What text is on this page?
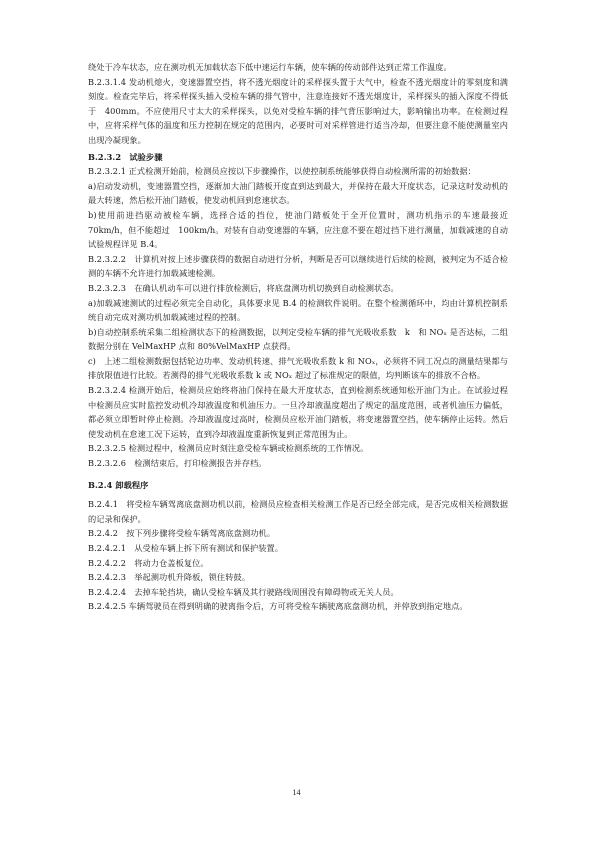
绕处于冷车状态，应在测功机无加载状态下低中速运行车辆，使车辆的传动部件达到正常工作温度。

B.2.3.1.4 发动机熄火，变速器置空挡，将不透光烟度计的采样探头置于大气中，检查不透光烟度计的零刻度和满刻度。检查完毕后，将采样探头插入受检车辆的排气管中，注意连接好不透光烟度计，采样探头的插入深度不得低于　400mm。不应使用尺寸太大的采样探头，以免对受检车辆的排气背压影响过大，影响输出功率。在检测过程中，应将采样气体的温度和压力控制在规定的范围内，必要时可对采样管进行适当冷却，但要注意不能使测量室内出现冷凝现象。

B.2.3.2　试验步骤

B.2.3.2.1 正式检测开始前，检测员应按以下步骤操作，以使控制系统能够获得自动检测所需的初始数据：

a)启动发动机，变速器置空挡，逐渐加大油门踏板开度直到达到最大，并保持在最大开度状态，记录这时发动机的最大转速，然后松开油门踏板，使发动机回到怠速状态。

b)使用前进挡驱动被检车辆，选择合适的挡位，使油门踏板处于全开位置时，测功机指示的车速最接近　70km/h，但不能超过　100km/h。对装有自动变速器的车辆，应注意不要在超过挡下进行测量，加载减速的自动试验规程详见 B.4。

B.2.3.2.2　计算机对按上述步骤获得的数据自动进行分析，判断是否可以继续进行后续的检测，被判定为不适合检测的车辆不允许进行加载减速检测。

B.2.3.2.3　在确认机动车可以进行排放检测后，将底盘测功机切换到自动检测状态。

a)加载减速测试的过程必须完全自动化，具体要求见 B.4 的检测软件说明。在整个检测循环中，均由计算机控制系统自动完成对测功机加载减速过程的控制。

b)自动控制系统采集二组检测状态下的检测数据，以判定受检车辆的排气光吸收系数　k　和 NOₓ 是否达标，二组数据分别在 VelMaxHP 点和 80%VelMaxHP 点获得。

c)　上述二组检测数据包括轮边功率、发动机转速、排气光吸收系数 k 和 NOₓ，必须将不同工况点的测量结果都与排放限值进行比较。若测得的排气光吸收系数 k 或 NOₓ 超过了标准规定的限值，均判断该车的排放不合格。

B.2.3.2.4 检测开始后，检测员应始终将油门保持在最大开度状态，直到检测系统通知松开油门为止。在试验过程中检测员应实时监控发动机冷却液温度和机油压力。一旦冷却液温度超出了规定的温度范围，或者机油压力偏低，都必须立即暂时停止检测。冷却液温度过高时，检测员应松开油门踏板，将变速器置空挡，使车辆停止运转。然后使发动机在怠速工况下运转，直到冷却液温度重新恢复到正常范围为止。

B.2.3.2.5 检测过程中，检测员应时刻注意受检车辆或检测系统的工作情况。

B.2.3.2.6　检测结束后，打印检测报告并存档。

B.2.4 卸载程序

B.2.4.1　将受检车辆驾离底盘测功机以前，检测员应检查相关检测工作是否已经全部完成，是否完成相关检测数据的记录和保护。

B.2.4.2　按下列步骤将受检车辆驾离底盘测功机。

B.2.4.2.1　从受检车辆上拆下所有测试和保护装置。

B.2.4.2.2　将动力仓盖板复位。

B.2.4.2.3　举起测功机升降板，锁住转鼓。

B.2.4.2.4　去掉车轮挡块，确认受检车辆及其行驶路线周围没有障碍物或无关人员。

B.2.4.2.5 车辆驾驶员在得到明确的驶离指令后，方可将受检车辆驶离底盘测功机，并停放到指定地点。

14
